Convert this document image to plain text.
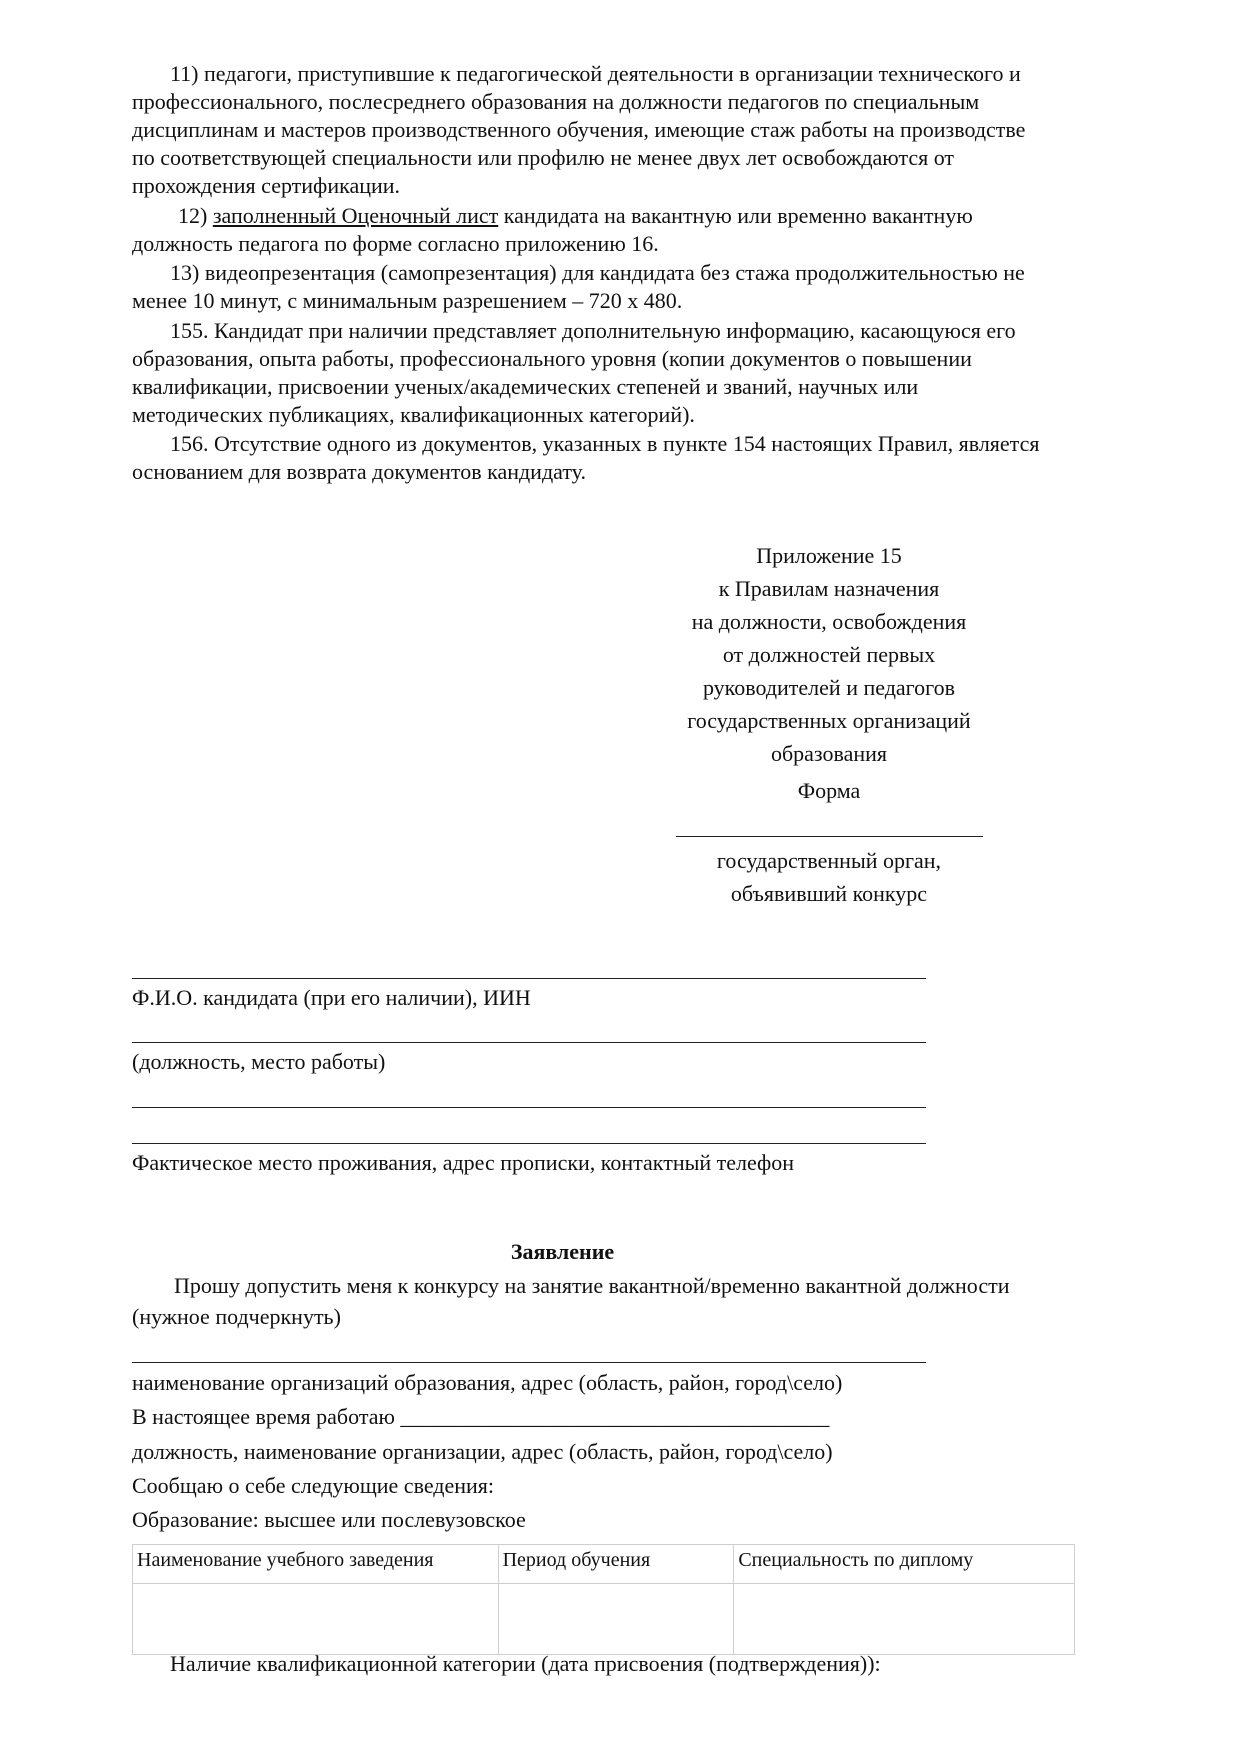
11) педагоги, приступившие к педагогической деятельности в организации технического и
профессионального, послесреднего образования на должности педагогов по специальным
дисциплинам и мастеров производственного обучения, имеющие стаж работы на производстве
по соответствующей специальности или профилю не менее двух лет освобождаются от
прохождения сертификации.
12) заполненный Оценочный лист кандидата на вакантную или временно вакантную
должность педагога по форме согласно приложению 16.
13) видеопрезентация (самопрезентация) для кандидата без стажа продолжительностью не
менее 10 минут, с минимальным разрешением – 720 х 480.
155. Кандидат при наличии представляет дополнительную информацию, касающуюся его
образования, опыта работы, профессионального уровня (копии документов о повышении
квалификации, присвоении ученых/академических степеней и званий, научных или
методических публикациях, квалификационных категорий).
156. Отсутствие одного из документов, указанных в пункте 154 настоящих Правил, является
основанием для возврата документов кандидату.
Приложение 15
к Правилам назначения
на должности, освобождения
от должностей первых
руководителей и педагогов
государственных организаций
образования
Форма
государственный орган,
объявивший конкурс
Ф.И.О. кандидата (при его наличии), ИИН
(должность, место работы)
Фактическое место проживания, адрес прописки, контактный телефон
Заявление
Прошу допустить меня к конкурсу на занятие вакантной/временно вакантной должности
(нужное подчеркнуть)
наименование организаций образования, адрес (область, район, город\село)
В настоящее время работаю _______________________________________
должность, наименование организации, адрес (область, район, город\село)
Сообщаю о себе следующие сведения:
Образование: высшее или послевузовское
Наименование учебного заведения	Период обучения	Специальность по диплому

Наличие квалификационной категории (дата присвоения (подтверждения)):
